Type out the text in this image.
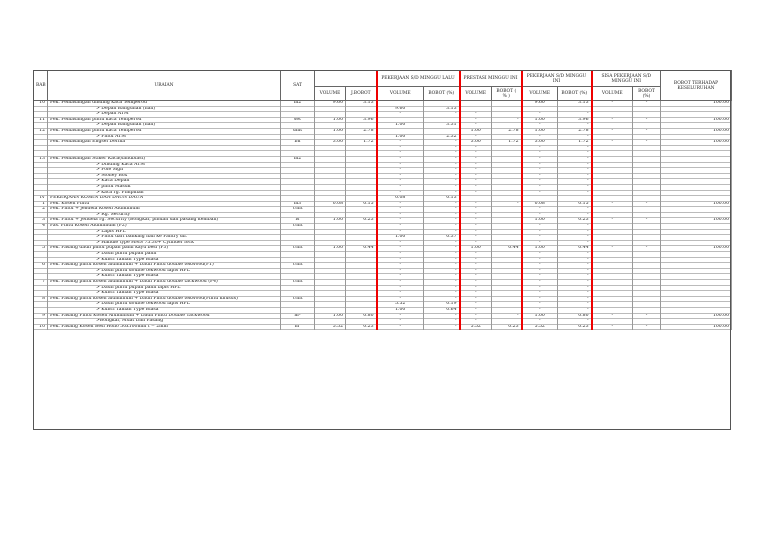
BAB	URAIAN	SAT			PEKERJAAN S/D MINGGU LALU		PRESTASI MINGGU INI		PEKERJAAN S/D MINGGU INI		SISA PEKERJAAN S/D MINGGU INI		BOBOT TERHADAP KESELURUHAN
			VOLUME	J.BOBOT	VOLUME	BOBOT (%)	VOLUME	BOBOT ( % )	VOLUME	BOBOT (%)	VOLUME	BOBOT (%)	
10	Pek. Pemasangan dinding kaca Temperod	m2	9.60	3.13					9.60	3.13	-	-	100.00
	> Depan Bangunan (hall)				9.60	3.13							
	> Depan ATM				-	-	-		-	-			
11	Pek. Pemasangan pintu kaca Temperod	set	1.00	3.96			-	-	1.00	3.96	-	-	100.00
	> Depan Bangunan (hall)				1.00	3.31	-		-	-			
12	Pek. Pemasangan pintu kaca Temperod	unit	1.00	2.78			1.00	2.78	1.00	2.78	-	-	100.00
	> Pintu ATM				1.00	2.32	-		-	-			
	Pek. Pemasangan Engsel Derma	bh	3.00	1.72	-	-	3.00	1.72	3.00	1.72	-	-	100.00
					-	-	-		-	-			
					-	-	-		-	-			
13	Pek. Pemasangan Stiker Kaca(sandblast)	m2			-	-	-		-	-			
	> Dinding Kaca ATM				-	-	-		-	-			
	> Pole Sign				-	-	-		-	-			
	> Money Box				-	-	-		-	-			
	> Kaca Depan				-	-	-		-	-			
	> pintu Masuk				-	-	-		-	-			
	> kaca rg. Pimpinan				-	-	-		-	-			
IV	PEKERJAAN KOSEN DAN DAUN DAUN				0.08	0.13							
1	Pek. Kosen Pintu	m3	0.08	0.15	-	-	-	-	0.08	0.15	-	-	100.00
2	Pek. Pintu + jendela Kosen Aluminium	Unit			-	-	-		-	-			
	> Rg. Security				-	-	-		-	-			
3	Pek. Pintu + Jendela rg. Security (Bongkar, pindah dan pasang kembali)	ls	1.00	0.23	-	-	-		1.00	0.23	-	-	100.00
4	Pas. Pintu Kosen Aluminium (P2)	Unit			-	-	-		-	-			
	> Lapis HPL				-	-	-		-	-			
	> Pintu dari banking hall ke Pantry dll.				1.00	0.37	-		-	-			
	> Handle type HMS 75.30+ Cylinder lock				-	-	-		-	-			
5	Pek. Pasang daun pintu pupan panil kayu besi (P3)	Unit	1.00	0.44	-	-	1.00	0.44	1.00	0.44	-	-	100.00
	> Daun pintu pupan panil				-	-	-		-	-			
	> Kunci Taman Type Biasa				-	-	-		-	-			
6	Pek. Pasang pintu kosen aluminium + Daun Pintu double tekwood(P1)	Unit			-	-	-		-	-			
	> Daun pintu double tekwood lapis HPL				-	-	-		-	-			
	> Kunci Taman Type Biasa				-	-	-		-	-			
7	Pek. Pasang pintu kosen aluminium + Daun Pintu double tackwood (P4)	Unit			-	-	-		-	-			
	> Daun pintu pupan panil lapis HPL				-	-	-		-	-			
	> Kunci Taman Type Biasa				-	-	-		-	-			
8	Pek. Pasang pintu kosen aluminium + Daun Pintu double tekwood(Pintu khusus)	Unit			-	-	-		-	-			
	> Daun pintu double tekwood lapis HPL				5.52	0.19	-		-	-			
	> Kunci Taman Type Biasa				1.00	0.64	-		-	-			
9	Pek. Pasang Pintu Kosen Aluminium + Daun Pintu Double Tackwood	m²	1.00	0.80	-	-	-	-	1.00	0.80	-	-	100.00
	>Bongkar, Muat Dan Pasang				-	-	-		-	-			
10	Pek. Pasang Kosen Besi Hollo 50x100mm t = 2mm	m'	5.52	0.23	-	-	5.52	0.23	5.52	0.23	-	-	100.00
